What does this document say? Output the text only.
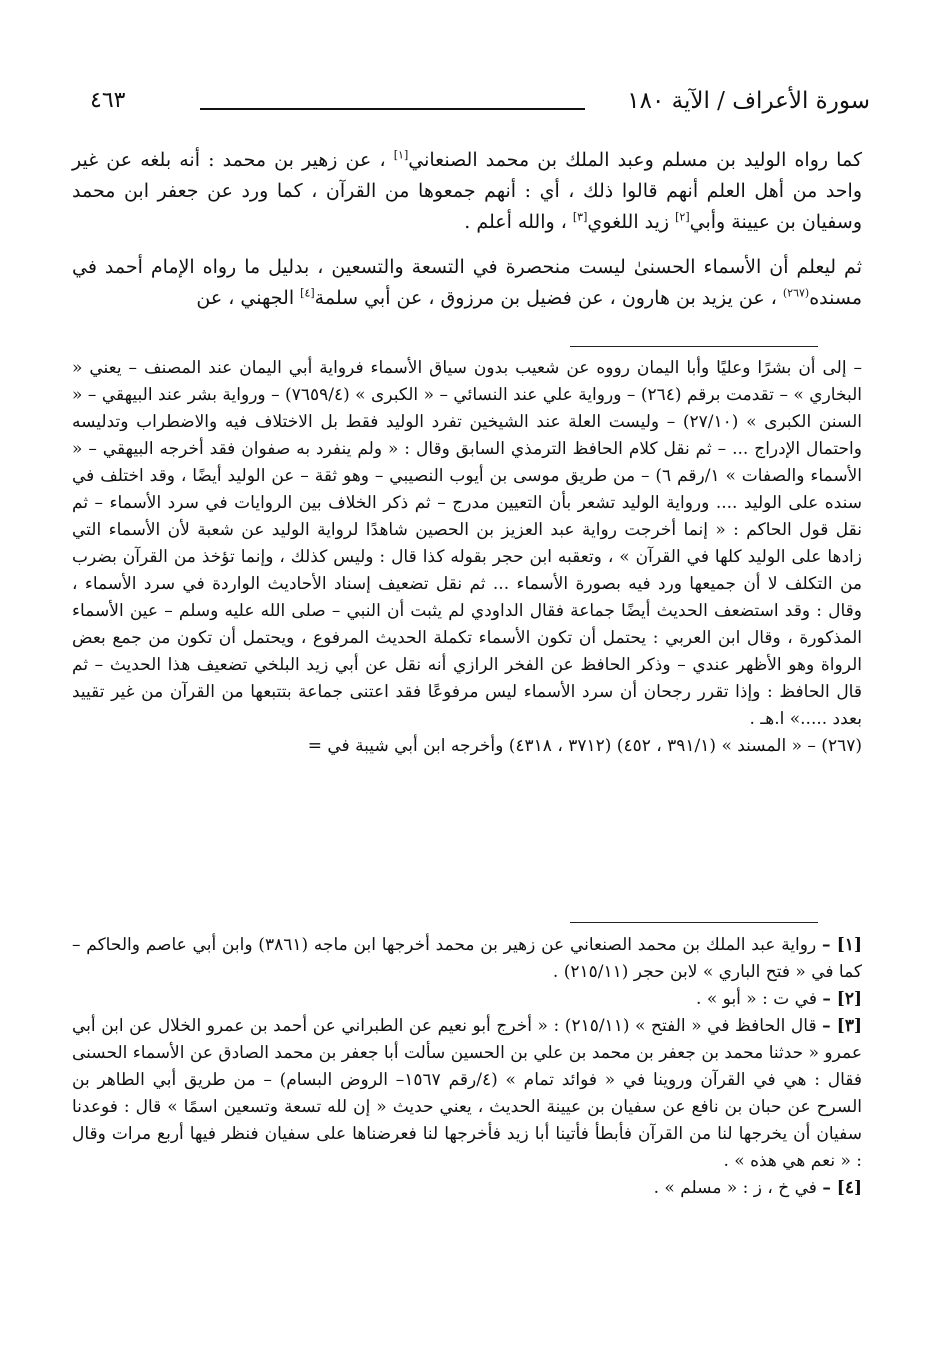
سورة الأعراف / الآية ١٨٠
٤٦٣

كما رواه الوليد بن مسلم وعبد الملك بن محمد الصنعاني[١] ، عن زهير بن محمد : أنه بلغه عن غير واحد من أهل العلم أنهم قالوا ذلك ، أي : أنهم جمعوها من القرآن ، كما ورد عن جعفر ابن محمد وسفيان بن عيينة وأبي[٢] زيد اللغوي[٣] ، والله أعلم .

ثم ليعلم أن الأسماء الحسنىٰ ليست منحصرة في التسعة والتسعين ، بدليل ما رواه الإمام أحمد في مسنده$^{(٢٦٧)}$ ، عن يزيد بن هارون ، عن فضيل بن مرزوق ، عن أبي سلمة[٤] الجهني ، عن

– إلى أن بشرًا وعليًا وأبا اليمان رووه عن شعيب بدون سياق الأسماء فرواية أبي اليمان عند المصنف – يعني « البخاري » – تقدمت برقم (٢٦٤) – ورواية علي عند النسائي – « الكبرى » (٧٦٥٩/٤) – ورواية بشر عند البيهقي – « السنن الكبرى » (٢٧/١٠) – وليست العلة عند الشيخين تفرد الوليد فقط بل الاختلاف فيه والاضطراب وتدليسه واحتمال الإدراج ... – ثم نقل كلام الحافظ الترمذي السابق وقال : « ولم ينفرد به صفوان فقد أخرجه البيهقي – « الأسماء والصفات » ١/رقم ٦) – من طريق موسى بن أيوب النصيبي – وهو ثقة – عن الوليد أيضًا ، وقد اختلف في سنده على الوليد .... ورواية الوليد تشعر بأن التعيين مدرج – ثم ذكر الخلاف بين الروايات في سرد الأسماء – ثم نقل قول الحاكم : « إنما أخرجت رواية عبد العزيز بن الحصين شاهدًا لرواية الوليد عن شعبة لأن الأسماء التي زادها على الوليد كلها في القرآن » ، وتعقبه ابن حجر بقوله كذا قال : وليس كذلك ، وإنما تؤخذ من القرآن بضرب من التكلف لا أن جميعها ورد فيه بصورة الأسماء ... ثم نقل تضعيف إسناد الأحاديث الواردة في سرد الأسماء ، وقال : وقد استضعف الحديث أيضًا جماعة فقال الداودي لم يثبت أن النبي – صلى الله عليه وسلم – عين الأسماء المذكورة ، وقال ابن العربي : يحتمل أن تكون الأسماء تكملة الحديث المرفوع ، ويحتمل أن تكون من جمع بعض الرواة وهو الأظهر عندي – وذكر الحافظ عن الفخر الرازي أنه نقل عن أبي زيد البلخي تضعيف هذا الحديث – ثم قال الحافظ : وإذا تقرر رجحان أن سرد الأسماء ليس مرفوعًا فقد اعتنى جماعة بتتبعها من القرآن من غير تقييد بعدد .....» ا.هـ .

(٢٦٧) – « المسند » (٣٩١/١ ، ٤٥٢) (٣٧١٢ ، ٤٣١٨) وأخرجه ابن أبي شيبة في =

[١] – رواية عبد الملك بن محمد الصنعاني عن زهير بن محمد أخرجها ابن ماجه (٣٨٦١) وابن أبي عاصم والحاكم – كما في « فتح الباري » لابن حجر (٢١٥/١١) .

[٢] – في ت : « أبو » .

[٣] – قال الحافظ في « الفتح » (٢١٥/١١) : « أخرج أبو نعيم عن الطبراني عن أحمد بن عمرو الخلال عن ابن أبي عمرو « حدثنا محمد بن جعفر بن محمد بن علي بن الحسين سألت أبا جعفر بن محمد الصادق عن الأسماء الحسنى فقال : هي في القرآن وروينا في « فوائد تمام » (٤/رقم ١٥٦٧– الروض البسام) – من طريق أبي الطاهر بن السرح عن حبان بن نافع عن سفيان بن عيينة الحديث ، يعني حديث « إن لله تسعة وتسعين اسمًا » قال : فوعدنا سفيان أن يخرجها لنا من القرآن فأبطأ فأتينا أبا زيد فأخرجها لنا فعرضناها على سفيان فنظر فيها أربع مرات وقال : « نعم هي هذه » .

[٤] – في خ ، ز : « مسلم » .
